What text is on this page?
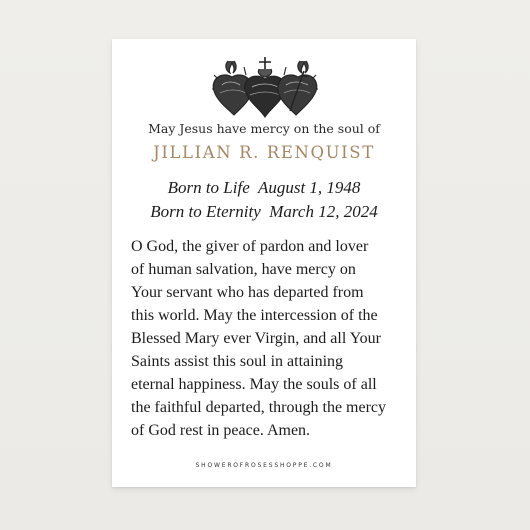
May Jesus have mercy on the soul of
JILLIAN R. RENQUIST
Born to Life  August 1, 1948
Born to Eternity  March 12, 2024
O God, the giver of pardon and lover
of human salvation, have mercy on
Your servant who has departed from
this world. May the intercession of the
Blessed Mary ever Virgin, and all Your
Saints assist this soul in attaining
eternal happiness. May the souls of all
the faithful departed, through the mercy
of God rest in peace. Amen.
SHOWEROFROSESSHOPPE.COM
